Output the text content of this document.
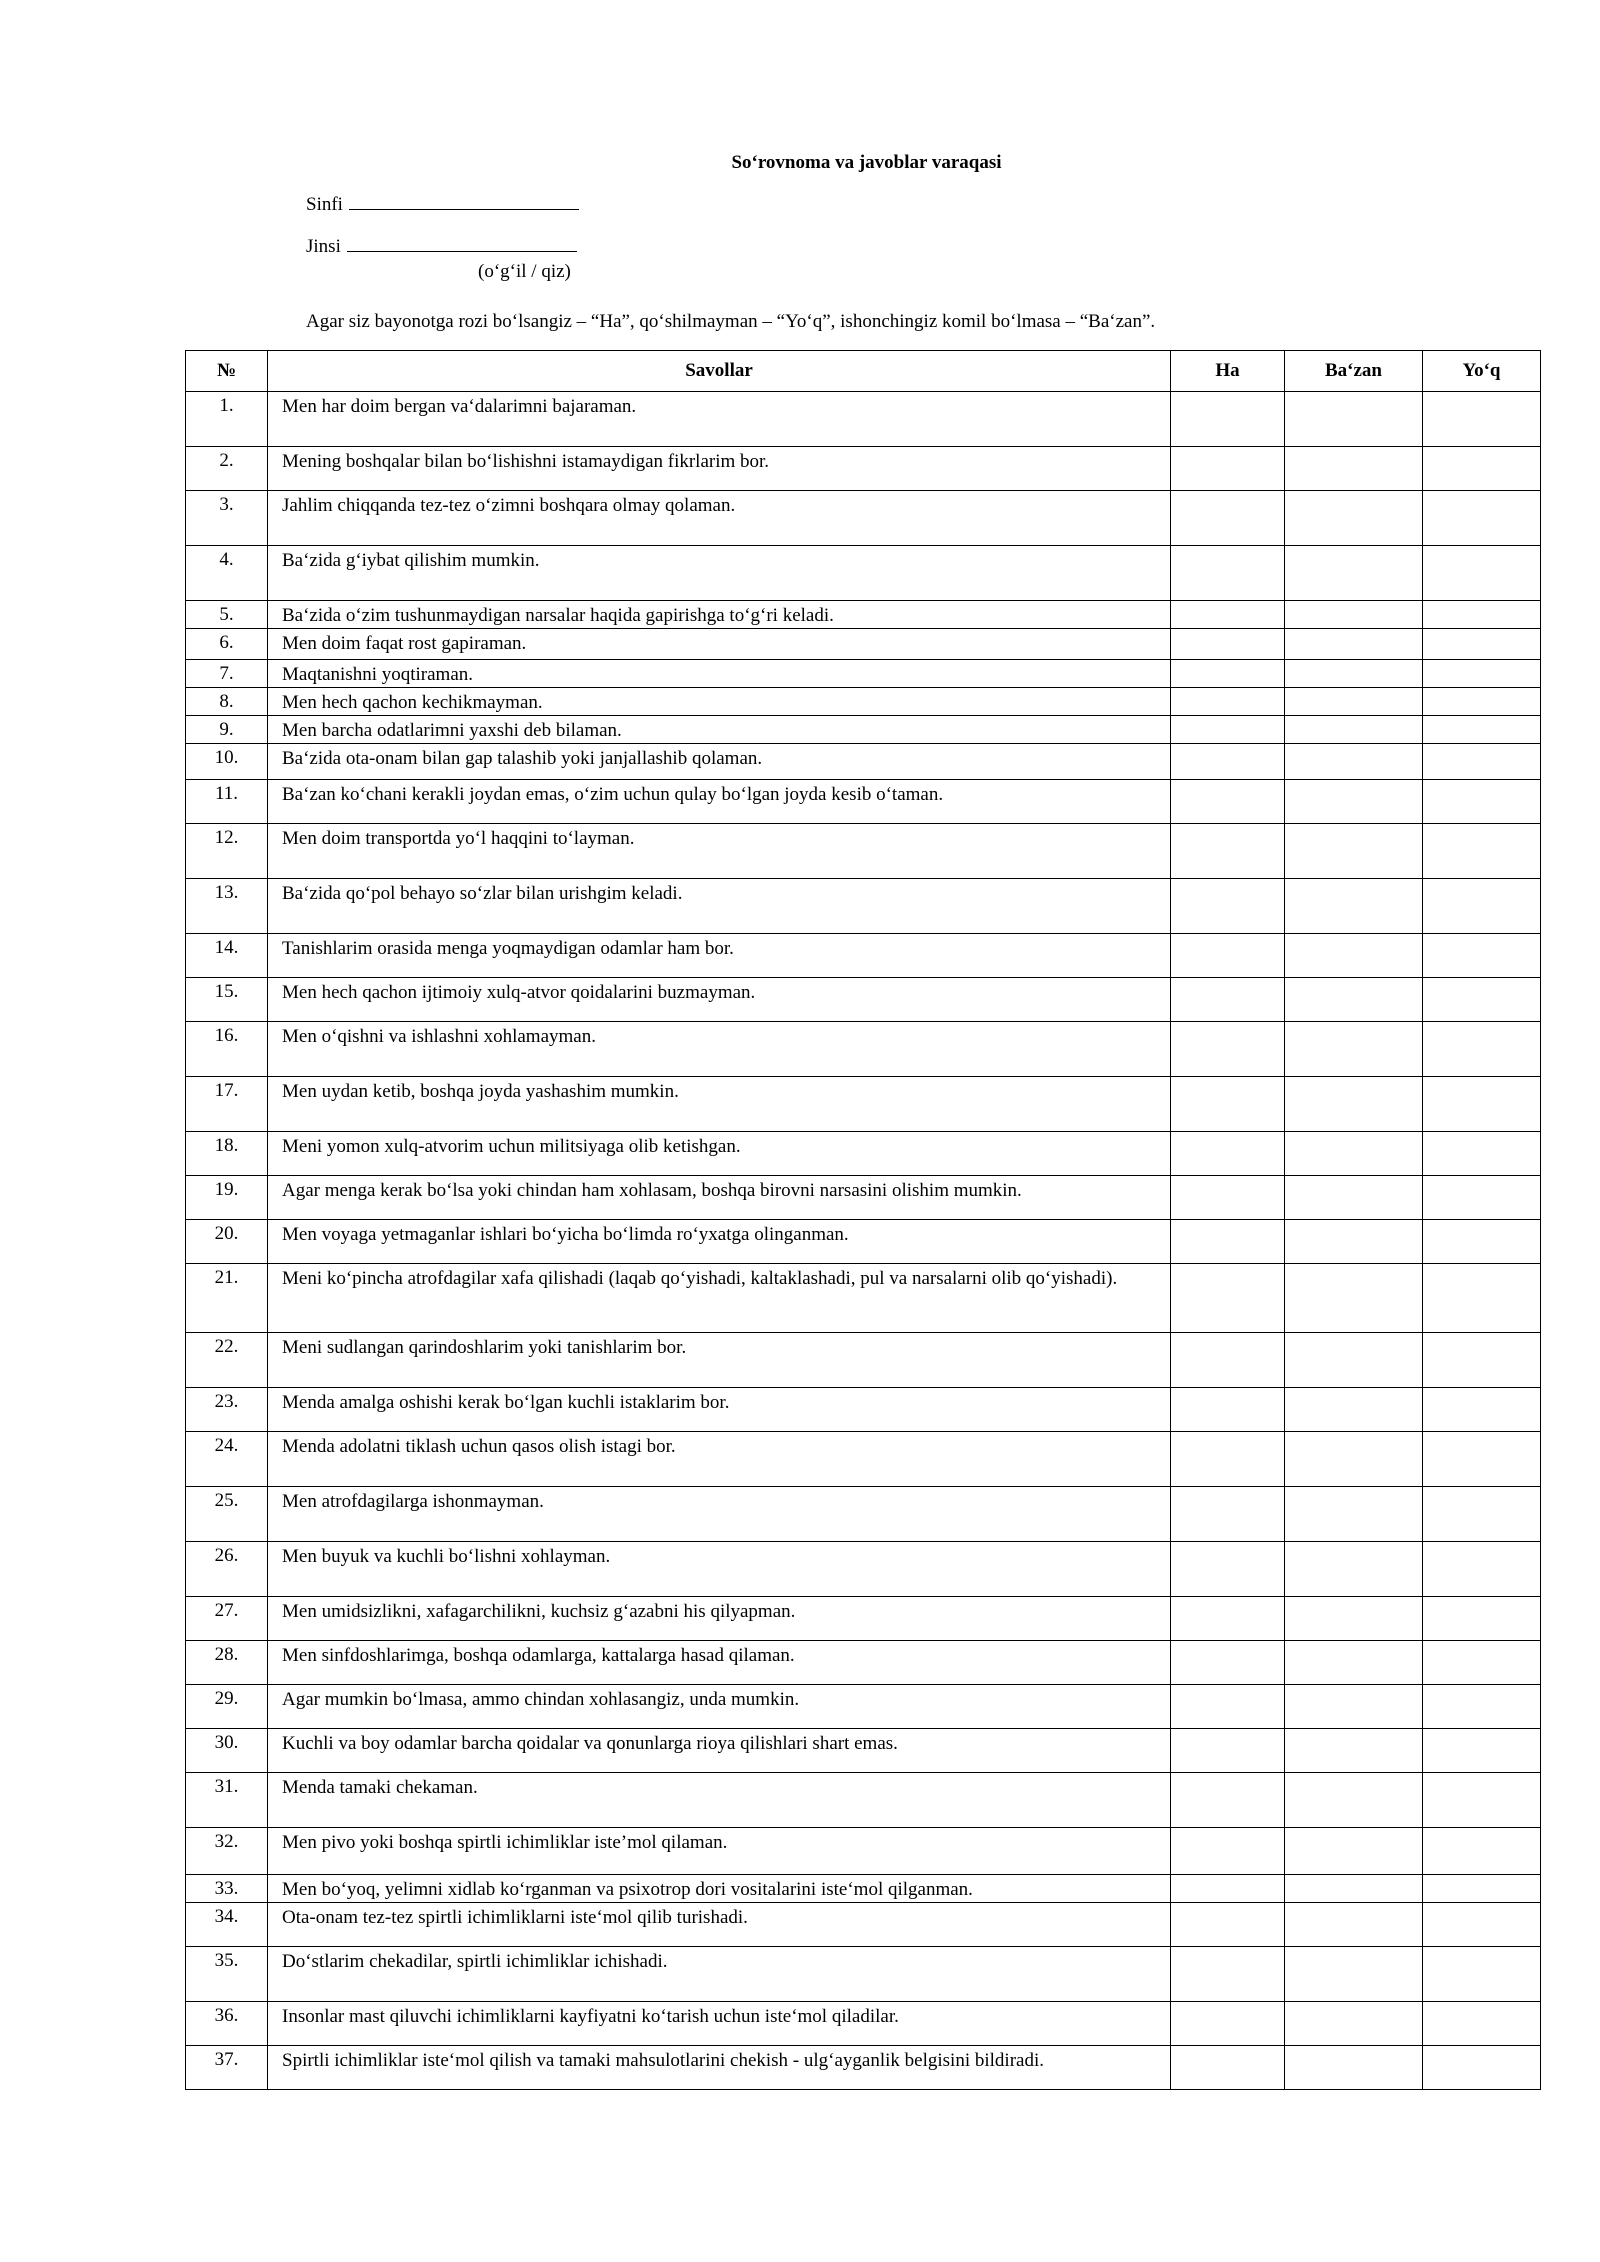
So‘rovnoma va javoblar varaqasi
Sinfi
Jinsi
(o‘g‘il / qiz)
Agar siz bayonotga rozi bo‘lsangiz – “Ha”, qo‘shilmayman – “Yo‘q”, ishonchingiz komil bo‘lmasa – “Ba‘zan”.
№	Savollar	Ha	Ba‘zan	Yo‘q
1.	Men har doim bergan va‘dalarimni bajaraman.			
2.	Mening boshqalar bilan bo‘lishishni istamaydigan fikrlarim bor.			
3.	Jahlim chiqqanda tez-tez o‘zimni boshqara olmay qolaman.			
4.	Ba‘zida g‘iybat qilishim mumkin.			
5.	Ba‘zida o‘zim tushunmaydigan narsalar haqida gapirishga to‘g‘ri keladi.			
6.	Men doim faqat rost gapiraman.			
7.	Maqtanishni yoqtiraman.			
8.	Men hech qachon kechikmayman.			
9.	Men barcha odatlarimni yaxshi deb bilaman.			
10.	Ba‘zida ota-onam bilan gap talashib yoki janjallashib qolaman.			
11.	Ba‘zan ko‘chani kerakli joydan emas, o‘zim uchun qulay bo‘lgan joyda kesib o‘taman.			
12.	Men doim transportda yo‘l haqqini to‘layman.			
13.	Ba‘zida qo‘pol behayo so‘zlar bilan urishgim keladi.			
14.	Tanishlarim orasida menga yoqmaydigan odamlar ham bor.			
15.	Men hech qachon ijtimoiy xulq-atvor qoidalarini buzmayman.			
16.	Men o‘qishni va ishlashni xohlamayman.			
17.	Men uydan ketib, boshqa joyda yashashim mumkin.			
18.	Meni yomon xulq-atvorim uchun militsiyaga olib ketishgan.			
19.	Agar menga kerak bo‘lsa yoki chindan ham xohlasam, boshqa birovni narsasini olishim mumkin.			
20.	Men voyaga yetmaganlar ishlari bo‘yicha bo‘limda ro‘yxatga olinganman.			
21.	Meni ko‘pincha atrofdagilar xafa qilishadi (laqab qo‘yishadi, kaltaklashadi, pul va narsalarni olib qo‘yishadi).			
22.	Meni sudlangan qarindoshlarim yoki tanishlarim bor.			
23.	Menda amalga oshishi kerak bo‘lgan kuchli istaklarim bor.			
24.	Menda adolatni tiklash uchun qasos olish istagi bor.			
25.	Men atrofdagilarga ishonmayman.			
26.	Men buyuk va kuchli bo‘lishni xohlayman.			
27.	Men umidsizlikni, xafagarchilikni, kuchsiz g‘azabni his qilyapman.			
28.	Men sinfdoshlarimga, boshqa odamlarga, kattalarga hasad qilaman.			
29.	Agar mumkin bo‘lmasa, ammo chindan xohlasangiz, unda mumkin.			
30.	Kuchli va boy odamlar barcha qoidalar va qonunlarga rioya qilishlari shart emas.			
31.	Menda tamaki chekaman.			
32.	Men pivo yoki boshqa spirtli ichimliklar iste’mol qilaman.			
33.	Men bo‘yoq, yelimni xidlab ko‘rganman va psixotrop dori vositalarini iste‘mol qilganman.			
34.	Ota-onam tez-tez spirtli ichimliklarni iste‘mol qilib turishadi.			
35.	Do‘stlarim chekadilar, spirtli ichimliklar ichishadi.			
36.	Insonlar mast qiluvchi ichimliklarni kayfiyatni ko‘tarish uchun iste‘mol qiladilar.			
37.	Spirtli ichimliklar iste‘mol qilish va tamaki mahsulotlarini chekish - ulg‘ayganlik belgisini bildiradi.			
